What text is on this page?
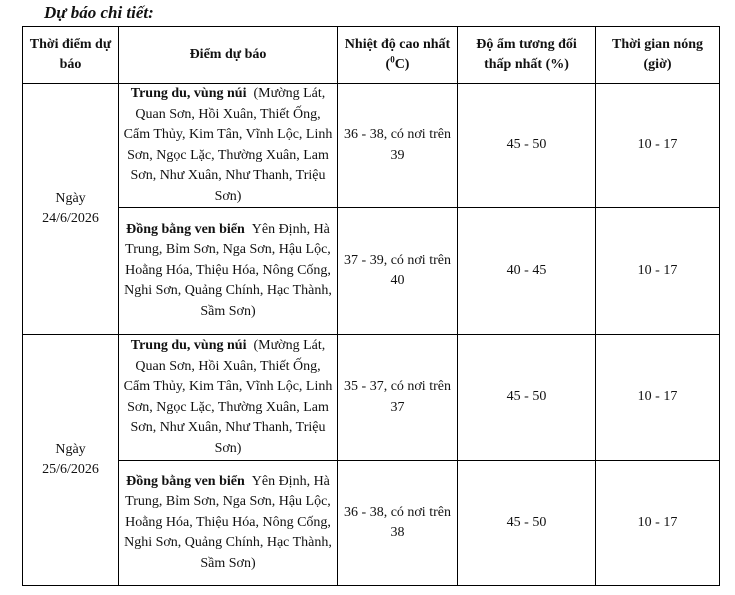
Dự báo chi tiết:
Thời điểm dự báo	Điểm dự báo	Nhiệt độ cao nhất ($^0$C)	Độ ẩm tương đối thấp nhất (%)	Thời gian nóng (giờ)
Ngày 24/6/2026	Trung du, vùng núi (Mường Lát, Quan Sơn, Hồi Xuân, Thiết Ống, Cẩm Thủy, Kim Tân, Vĩnh Lộc, Linh Sơn, Ngọc Lặc, Thường Xuân, Lam Sơn, Như Xuân, Như Thanh, Triệu Sơn)	36 - 38, có nơi trên 39	45 - 50	10 - 17
	Đồng bằng ven biển Yên Định, Hà Trung, Bỉm Sơn, Nga Sơn, Hậu Lộc, Hoằng Hóa, Thiệu Hóa, Nông Cống, Nghi Sơn, Quảng Chính, Hạc Thành, Sầm Sơn)	37 - 39, có nơi trên 40	40 - 45	10 - 17
Ngày 25/6/2026	Trung du, vùng núi (Mường Lát, Quan Sơn, Hồi Xuân, Thiết Ống, Cẩm Thủy, Kim Tân, Vĩnh Lộc, Linh Sơn, Ngọc Lặc, Thường Xuân, Lam Sơn, Như Xuân, Như Thanh, Triệu Sơn)	35 - 37, có nơi trên 37	45 - 50	10 - 17
	Đồng bằng ven biển Yên Định, Hà Trung, Bỉm Sơn, Nga Sơn, Hậu Lộc, Hoằng Hóa, Thiệu Hóa, Nông Cống, Nghi Sơn, Quảng Chính, Hạc Thành, Sầm Sơn)	36 - 38, có nơi trên 38	45 - 50	10 - 17
